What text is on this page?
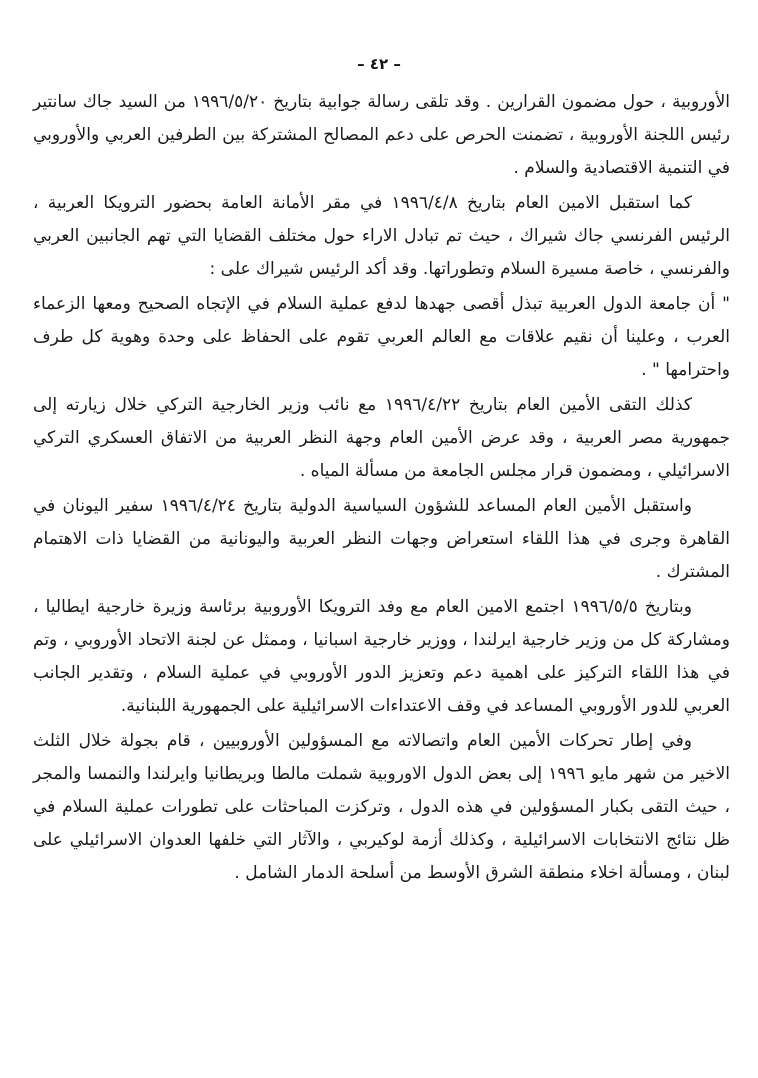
– ٤٢ –

الأوروبية ، حول مضمون القرارين . وقد تلقى رسالة جوابية بتاريخ ١٩٩٦/٥/٢٠ من السيد جاك سانتير رئيس اللجنة الأوروبية ، تضمنت الحرص على دعم المصالح المشتركة بين الطرفين العربي والأوروبي في التنمية الاقتصادية والسلام .

كما استقبل الامين العام بتاريخ ١٩٩٦/٤/٨ في مقر الأمانة العامة بحضور الترويكا العربية ، الرئيس الفرنسي جاك شيراك ، حيث تم تبادل الاراء حول مختلف القضايا التي تهم الجانبين العربي والفرنسي ، خاصة مسيرة السلام وتطوراتها. وقد أكد الرئيس شيراك على :

" أن جامعة الدول العربية تبذل أقصى جهدها لدفع عملية السلام في الإتجاه الصحيح ومعها الزعماء العرب ، وعلينا أن نقيم علاقات مع العالم العربي تقوم على الحفاظ على وحدة وهوية كل طرف واحترامها " .

كذلك التقى الأمين العام بتاريخ ١٩٩٦/٤/٢٢ مع نائب وزير الخارجية التركي خلال زيارته إلى جمهورية مصر العربية ، وقد عرض الأمين العام وجهة النظر العربية من الاتفاق العسكري التركي الاسرائيلي ، ومضمون قرار مجلس الجامعة من مسألة المياه .

واستقبل الأمين العام المساعد للشؤون السياسية الدولية بتاريخ ١٩٩٦/٤/٢٤ سفير اليونان في القاهرة وجرى في هذا اللقاء استعراض وجهات النظر العربية واليونانية من القضايا ذات الاهتمام المشترك .

وبتاريخ ١٩٩٦/٥/٥ اجتمع الامين العام مع وفد الترويكا الأوروبية برئاسة وزيرة خارجية ايطاليا ، ومشاركة كل من وزير خارجية ايرلندا ، ووزير خارجية اسبانيا ، وممثل عن لجنة الاتحاد الأوروبي ، وتم في هذا اللقاء التركيز على اهمية دعم وتعزيز الدور الأوروبي في عملية السلام ، وتقدير الجانب العربي للدور الأوروبي المساعد في وقف الاعتداءات الاسرائيلية على الجمهورية اللبنانية.

وفي إطار تحركات الأمين العام واتصالاته مع المسؤولين الأوروبيين ، قام بجولة خلال الثلث الاخير من شهر مايو ١٩٩٦ إلى بعض الدول الاوروبية شملت مالطا وبريطانيا وايرلندا والنمسا والمجر ، حيث التقى بكبار المسؤولين في هذه الدول ، وتركزت المباحثات على تطورات عملية السلام في ظل نتائج الانتخابات الاسرائيلية ، وكذلك أزمة لوكيربي ، والآثار التي خلفها العدوان الاسرائيلي على لبنان ، ومسألة اخلاء منطقة الشرق الأوسط من أسلحة الدمار الشامل .
